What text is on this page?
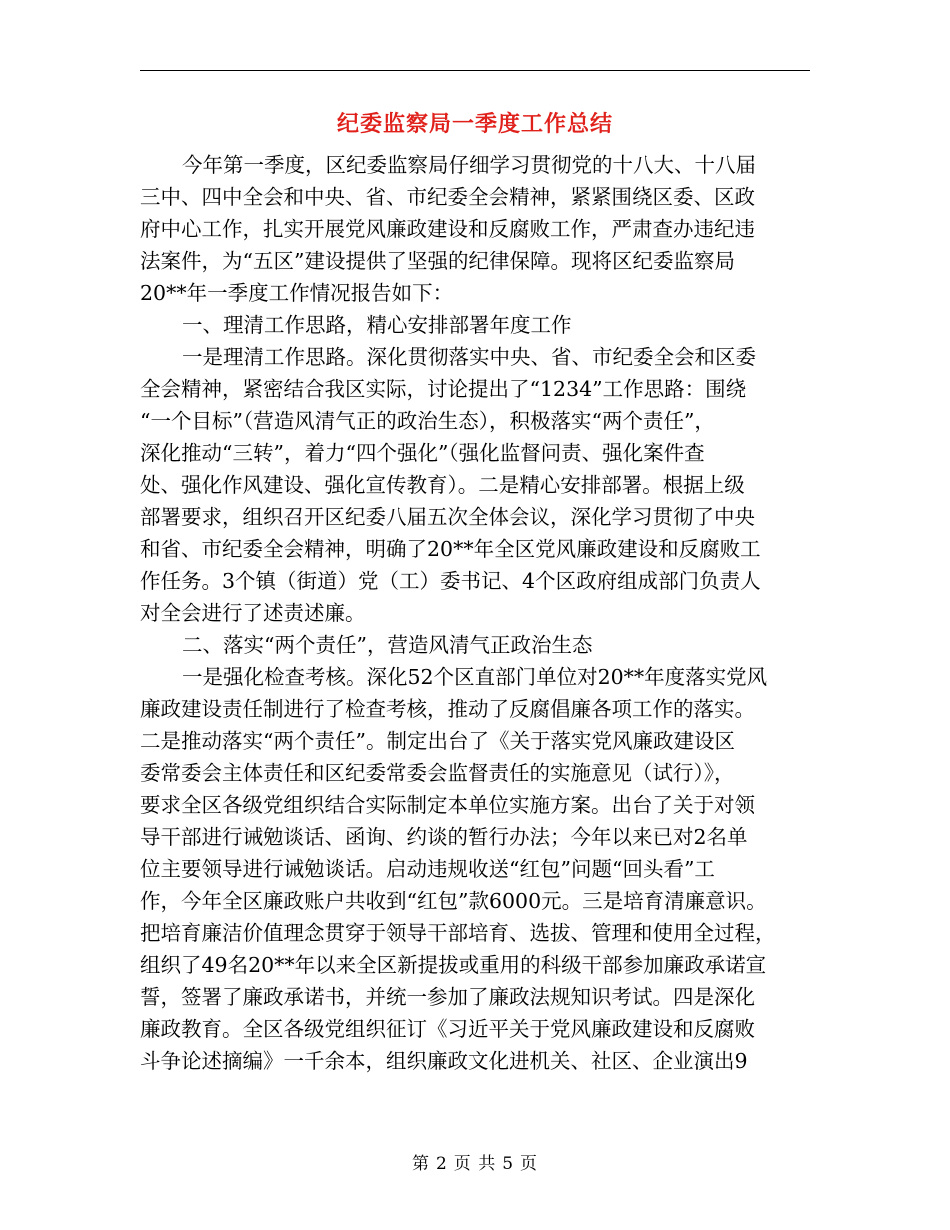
纪委监察局一季度工作总结

今年第一季度，区纪委监察局仔细学习贯彻党的十八大、十八届

三中、四中全会和中央、省、市纪委全会精神，紧紧围绕区委、区政

府中心工作，扎实开展党风廉政建设和反腐败工作，严肃查办违纪违

法案件，为“五区”建设提供了坚强的纪律保障。现将区纪委监察局

20**年一季度工作情况报告如下：

一、理清工作思路，精心安排部署年度工作

一是理清工作思路。深化贯彻落实中央、省、市纪委全会和区委

全会精神，紧密结合我区实际，讨论提出了“1234”工作思路：围绕

“一个目标”（营造风清气正的政治生态），积极落实“两个责任”，

深化推动“三转”，着力“四个强化”（强化监督问责、强化案件查

处、强化作风建设、强化宣传教育）。二是精心安排部署。根据上级

部署要求，组织召开区纪委八届五次全体会议，深化学习贯彻了中央

和省、市纪委全会精神，明确了20**年全区党风廉政建设和反腐败工

作任务。3个镇（街道）党（工）委书记、4个区政府组成部门负责人

对全会进行了述责述廉。

二、落实“两个责任”，营造风清气正政治生态

一是强化检查考核。深化52个区直部门单位对20**年度落实党风

廉政建设责任制进行了检查考核，推动了反腐倡廉各项工作的落实。

二是推动落实“两个责任”。制定出台了《关于落实党风廉政建设区

委常委会主体责任和区纪委常委会监督责任的实施意见（试行）》，

要求全区各级党组织结合实际制定本单位实施方案。出台了关于对领

导干部进行诫勉谈话、函询、约谈的暂行办法；今年以来已对2名单

位主要领导进行诫勉谈话。启动违规收送“红包”问题“回头看”工

作，今年全区廉政账户共收到“红包”款6000元。三是培育清廉意识。

把培育廉洁价值理念贯穿于领导干部培育、选拔、管理和使用全过程，

组织了49名20**年以来全区新提拔或重用的科级干部参加廉政承诺宣

誓，签署了廉政承诺书，并统一参加了廉政法规知识考试。四是深化

廉政教育。全区各级党组织征订《习近平关于党风廉政建设和反腐败

斗争论述摘编》一千余本，组织廉政文化进机关、社区、企业演出9

第 2 页 共 5 页
